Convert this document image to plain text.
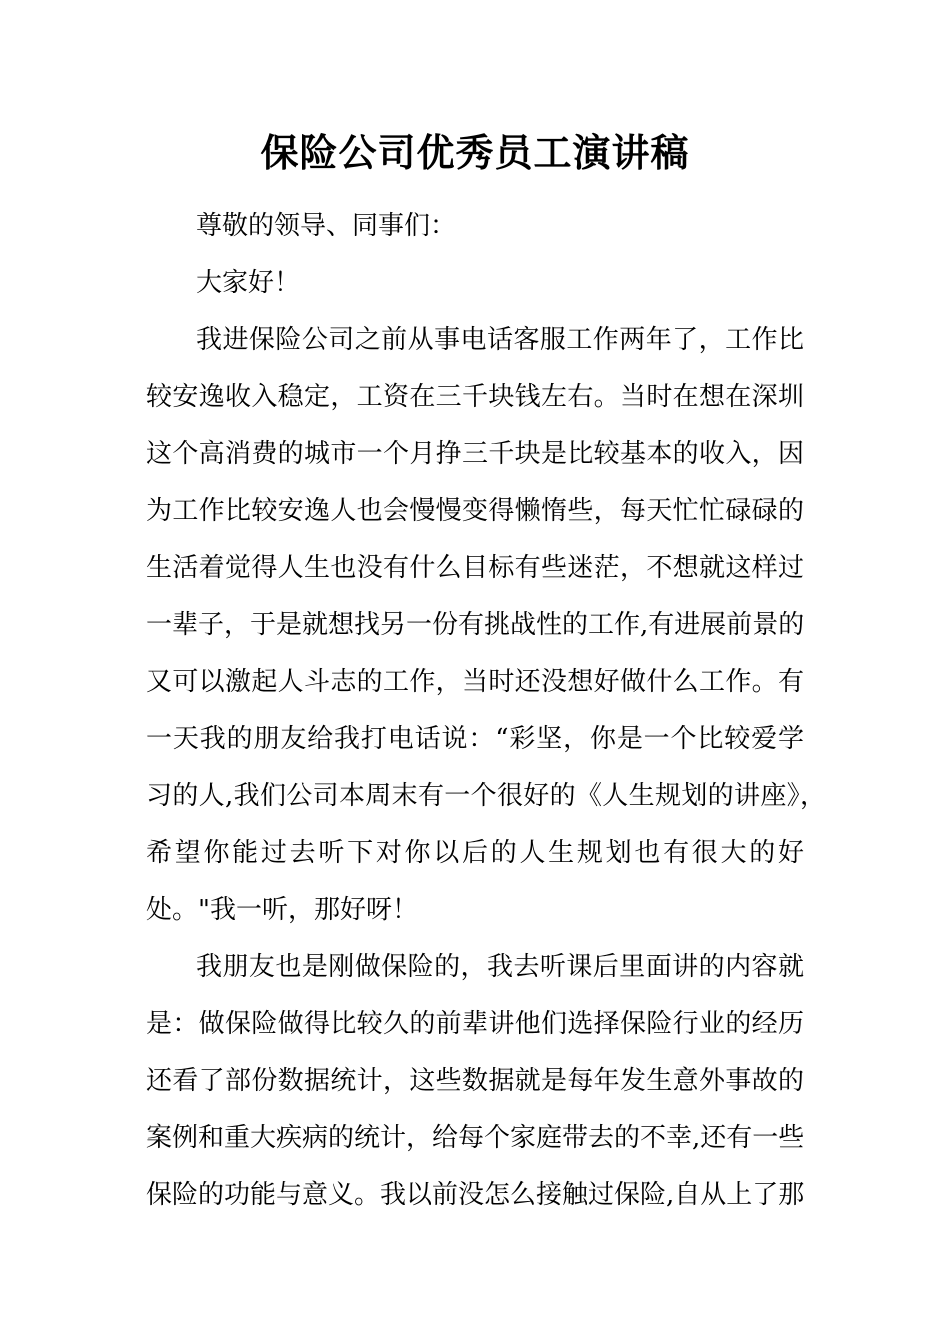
保险公司优秀员工演讲稿
尊敬的领导、同事们：
大家好！
我进保险公司之前从事电话客服工作两年了，工作比
较安逸收入稳定，工资在三千块钱左右。当时在想在深圳
这个高消费的城市一个月挣三千块是比较基本的收入，因
为工作比较安逸人也会慢慢变得懒惰些，每天忙忙碌碌的
生活着觉得人生也没有什么目标有些迷茫，不想就这样过
一辈子，于是就想找另一份有挑战性的工作,有进展前景的
又可以激起人斗志的工作，当时还没想好做什么工作。有
一天我的朋友给我打电话说：“彩坚，你是一个比较爱学
习的人,我们公司本周末有一个很好的《人生规划的讲座》，
希望你能过去听下对你以后的人生规划也有很大的好
处。"我一听，那好呀！
我朋友也是刚做保险的，我去听课后里面讲的内容就
是：做保险做得比较久的前辈讲他们选择保险行业的经历
还看了部份数据统计，这些数据就是每年发生意外事故的
案例和重大疾病的统计，给每个家庭带去的不幸,还有一些
保险的功能与意义。我以前没怎么接触过保险,自从上了那
